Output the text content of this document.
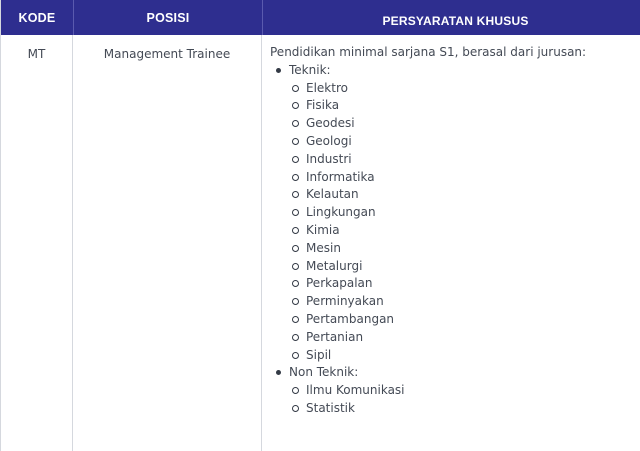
KODE	POSISI	PERSYARATAN KHUSUS
MT	Management Trainee	Pendidikan minimal sarjana S1, berasal dari jurusan:

Teknik:
Elektro
Fisika
Geodesi
Geologi
Industri
Informatika
Kelautan
Lingkungan
Kimia
Mesin
Metalurgi
Perkapalan
Perminyakan
Pertambangan
Pertanian
Sipil
Non Teknik:
Ilmu Komunikasi
Statistik
